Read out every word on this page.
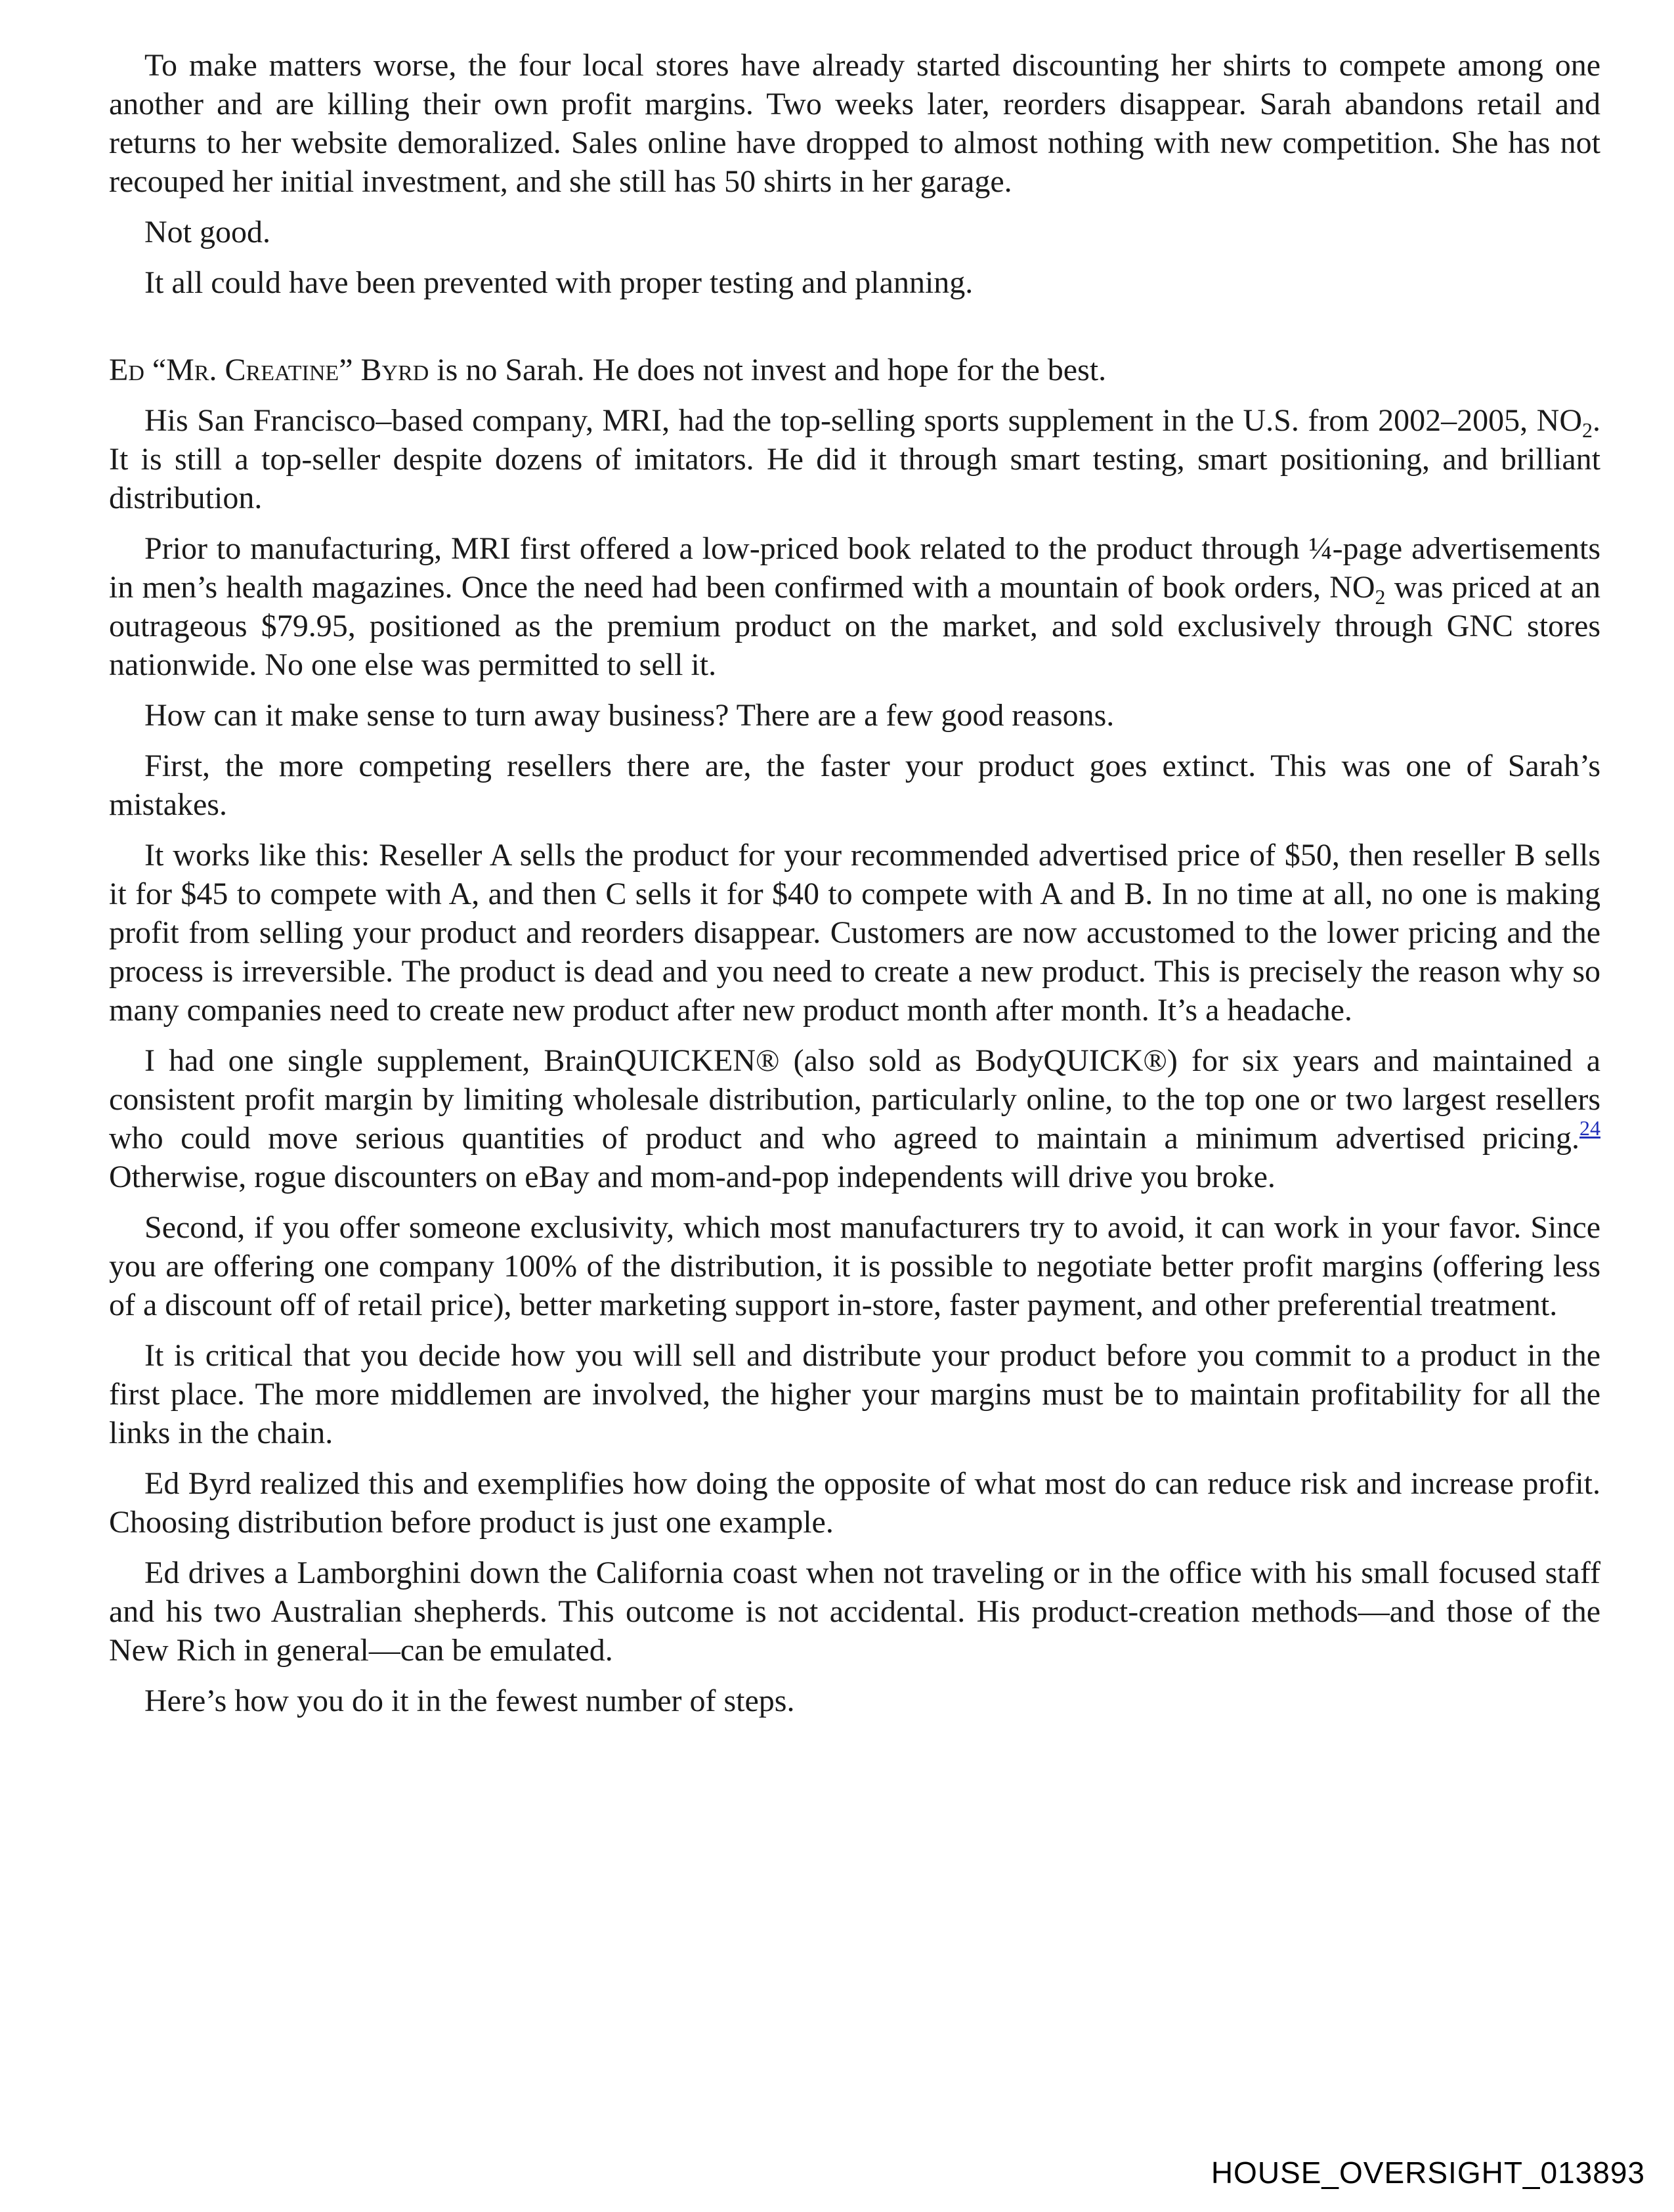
To make matters worse, the four local stores have already started discounting her shirts to compete among one another and are killing their own profit margins. Two weeks later, reorders disappear. Sarah abandons retail and returns to her website demoralized. Sales online have dropped to almost nothing with new competition. She has not recouped her initial investment, and she still has 50 shirts in her garage.

Not good.

It all could have been prevented with proper testing and planning.

Ed “Mr. Creatine” Byrd is no Sarah. He does not invest and hope for the best.

His San Francisco–based company, MRI, had the top-selling sports supplement in the U.S. from 2002–2005, $NO_2$. It is still a top-seller despite dozens of imitators. He did it through smart testing, smart positioning, and brilliant distribution.

Prior to manufacturing, MRI first offered a low-priced book related to the product through ¼-page advertisements in men’s health magazines. Once the need had been confirmed with a mountain of book orders, $NO_2$ was priced at an outrageous $79.95, positioned as the premium product on the market, and sold exclusively through GNC stores nationwide. No one else was permitted to sell it.

How can it make sense to turn away business? There are a few good reasons.

First, the more competing resellers there are, the faster your product goes extinct. This was one of Sarah’s mistakes.

It works like this: Reseller A sells the product for your recommended advertised price of $50, then reseller B sells it for $45 to compete with A, and then C sells it for $40 to compete with A and B. In no time at all, no one is making profit from selling your product and reorders disappear. Customers are now accustomed to the lower pricing and the process is irreversible. The product is dead and you need to create a new product. This is precisely the reason why so many companies need to create new product after new product month after month. It’s a headache.

I had one single supplement, BrainQUICKEN® (also sold as BodyQUICK®) for six years and maintained a consistent profit margin by limiting wholesale distribution, particularly online, to the top one or two largest resellers who could move serious quantities of product and who agreed to maintain a minimum advertised pricing.$^{24}$ Otherwise, rogue discounters on eBay and mom-and-pop independents will drive you broke.

Second, if you offer someone exclusivity, which most manufacturers try to avoid, it can work in your favor. Since you are offering one company 100% of the distribution, it is possible to negotiate better profit margins (offering less of a discount off of retail price), better marketing support in-store, faster payment, and other preferential treatment.

It is critical that you decide how you will sell and distribute your product before you commit to a product in the first place. The more middlemen are involved, the higher your margins must be to maintain profitability for all the links in the chain.

Ed Byrd realized this and exemplifies how doing the opposite of what most do can reduce risk and increase profit. Choosing distribution before product is just one example.

Ed drives a Lamborghini down the California coast when not traveling or in the office with his small focused staff and his two Australian shepherds. This outcome is not accidental. His product-creation methods—and those of the New Rich in general—can be emulated.

Here’s how you do it in the fewest number of steps.

HOUSE_OVERSIGHT_013893
